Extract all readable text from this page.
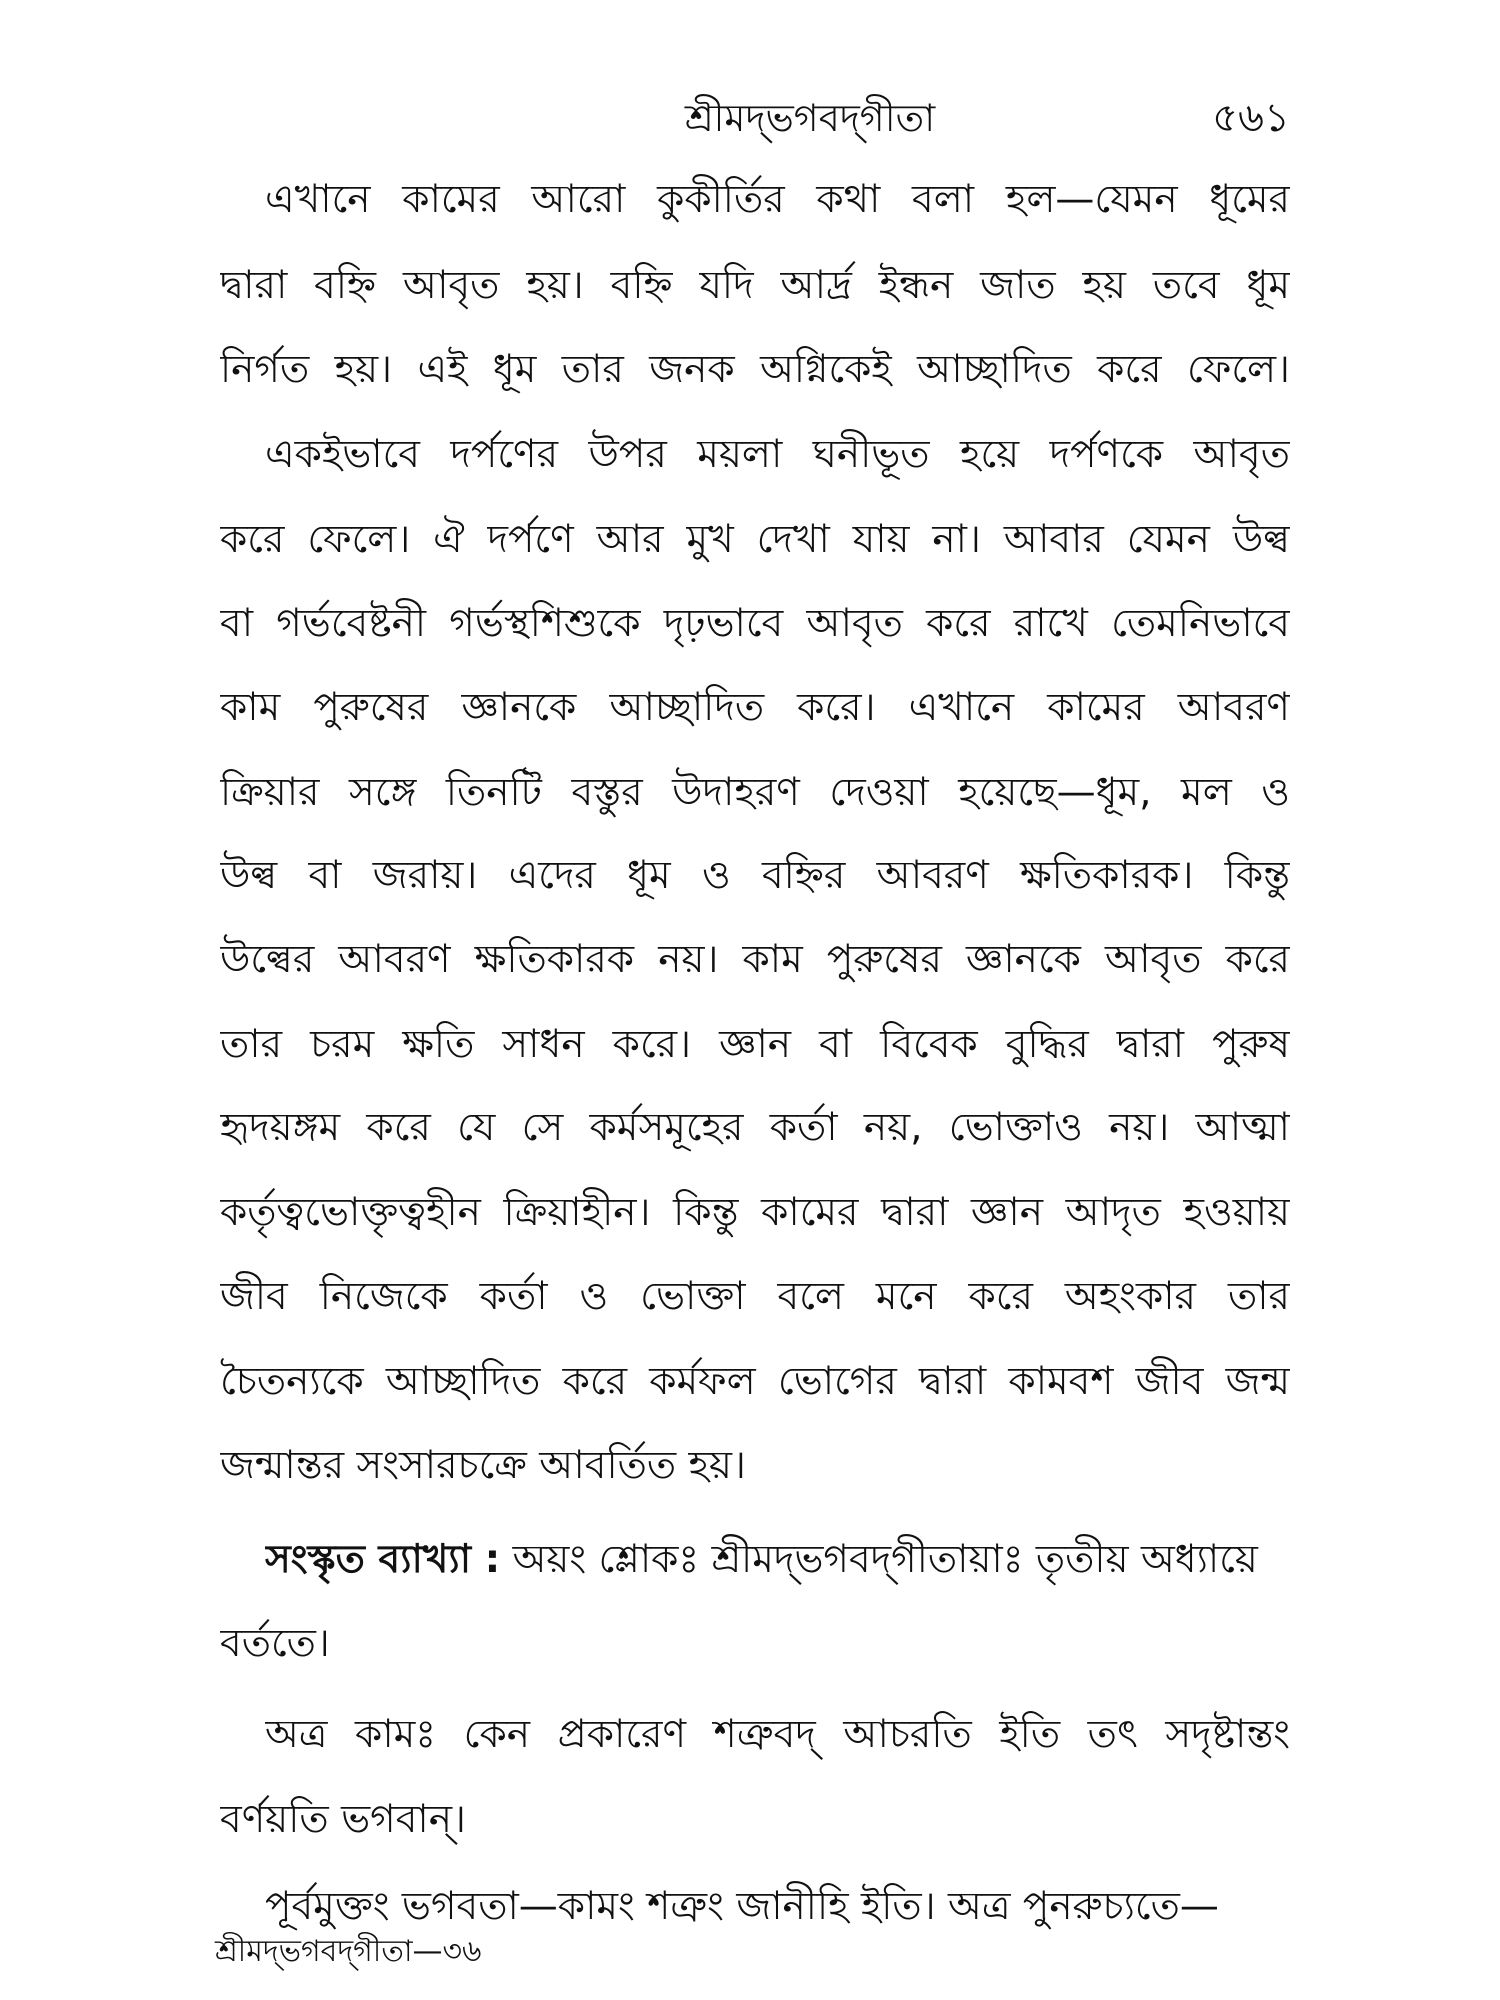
শ্রীমদ্‌ভগবদ্‌গীতা	৫৬১
এখানে কামের আরো কুকীর্তির কথা বলা হল—যেমন ধূমের
দ্বারা বহ্নি আবৃত হয়। বহ্নি যদি আর্দ্র ইন্ধন জাত হয় তবে ধূম
নির্গত হয়। এই ধূম তার জনক অগ্নিকেই আচ্ছাদিত করে ফেলে।
একইভাবে দর্পণের উপর ময়লা ঘনীভূত হয়ে দর্পণকে আবৃত
করে ফেলে। ঐ দর্পণে আর মুখ দেখা যায় না। আবার যেমন উল্ব
বা গর্ভবেষ্টনী গর্ভস্থশিশুকে দৃঢ়ভাবে আবৃত করে রাখে তেমনিভাবে
কাম পুরুষের জ্ঞানকে আচ্ছাদিত করে। এখানে কামের আবরণ
ক্রিয়ার সঙ্গে তিনটি বস্তুর উদাহরণ দেওয়া হয়েছে—ধূম, মল ও
উল্ব বা জরায়। এদের ধূম ও বহ্নির আবরণ ক্ষতিকারক। কিন্তু
উল্বের আবরণ ক্ষতিকারক নয়। কাম পুরুষের জ্ঞানকে আবৃত করে
তার চরম ক্ষতি সাধন করে। জ্ঞান বা বিবেক বুদ্ধির দ্বারা পুরুষ
হৃদয়ঙ্গম করে যে সে কর্মসমূহের কর্তা নয়, ভোক্তাও নয়। আত্মা
কর্তৃত্বভোক্তৃত্বহীন ক্রিয়াহীন। কিন্তু কামের দ্বারা জ্ঞান আদৃত হওয়ায়
জীব নিজেকে কর্তা ও ভোক্তা বলে মনে করে অহংকার তার
চৈতন্যকে আচ্ছাদিত করে কর্মফল ভোগের দ্বারা কামবশ জীব জন্ম
জন্মান্তর সংসারচক্রে আবর্তিত হয়।
সংস্কৃত ব্যাখ্যা : অয়ং শ্লোকঃ শ্রীমদ্‌ভগবদ্‌গীতায়াঃ তৃতীয় অধ্যায়ে
বর্ততে।
অত্র কামঃ কেন প্রকারেণ শত্রুবদ্‌ আচরতি ইতি তৎ সদৃষ্টান্তং
বর্ণয়তি ভগবান্‌।
পূর্বমুক্তং ভগবতা—কামং শত্রুং জানীহি ইতি। অত্র পুনরুচ্যতে—
শ্রীমদ্‌ভগবদ্‌গীতা—৩৬
